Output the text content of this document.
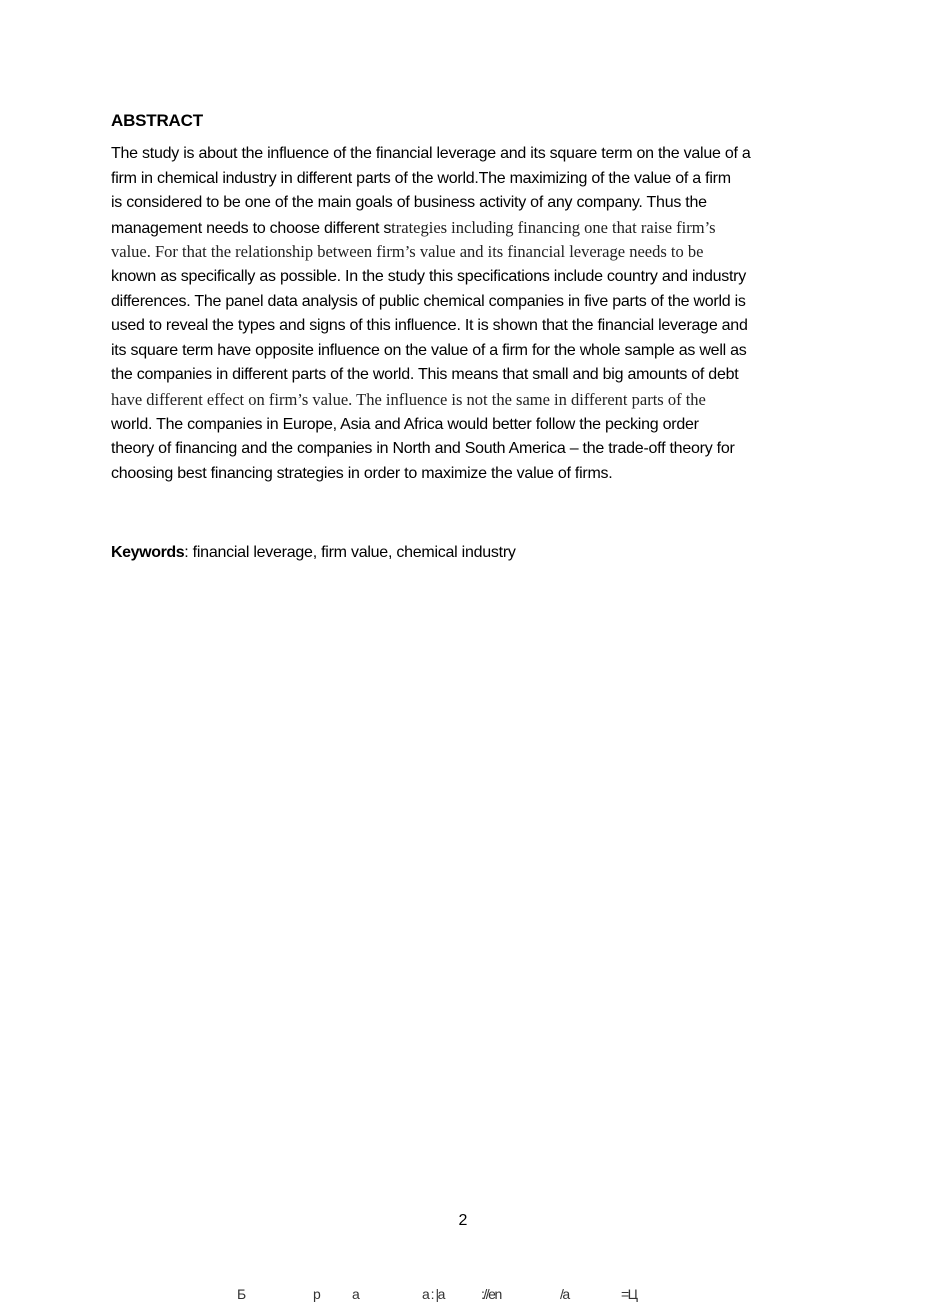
ABSTRACT
The study is about the influence of the financial leverage and its square term on the value of a
firm in chemical industry in different parts of the world.The maximizing of the value of a firm
is considered to be one of the main goals of business activity of any company. Thus the
management needs to choose different strategies including financing one that raise firm’s
value. For that the relationship between firm’s value and its financial leverage needs to be
known as specifically as possible. In the study this specifications include country and industry
differences. The panel data analysis of public chemical companies in five parts of the world is
used to reveal the types and signs of this influence. It is shown that the financial leverage and
its square term have opposite influence on the value of a firm for the whole sample as well as
the companies in different parts of the world. This means that small and big amounts of debt
have different effect on firm’s value. The influence is not the same in different parts of the
world. The companies in Europe, Asia and Africa would better follow the pecking order
theory of financing and the companies in North and South America – the trade-off theory for
choosing best financing strategies in order to maximize the value of firms.
Keywords: financial leverage, firm value, chemical industry
2
Б	р а	а : |а	://еn	/а	=Ц
